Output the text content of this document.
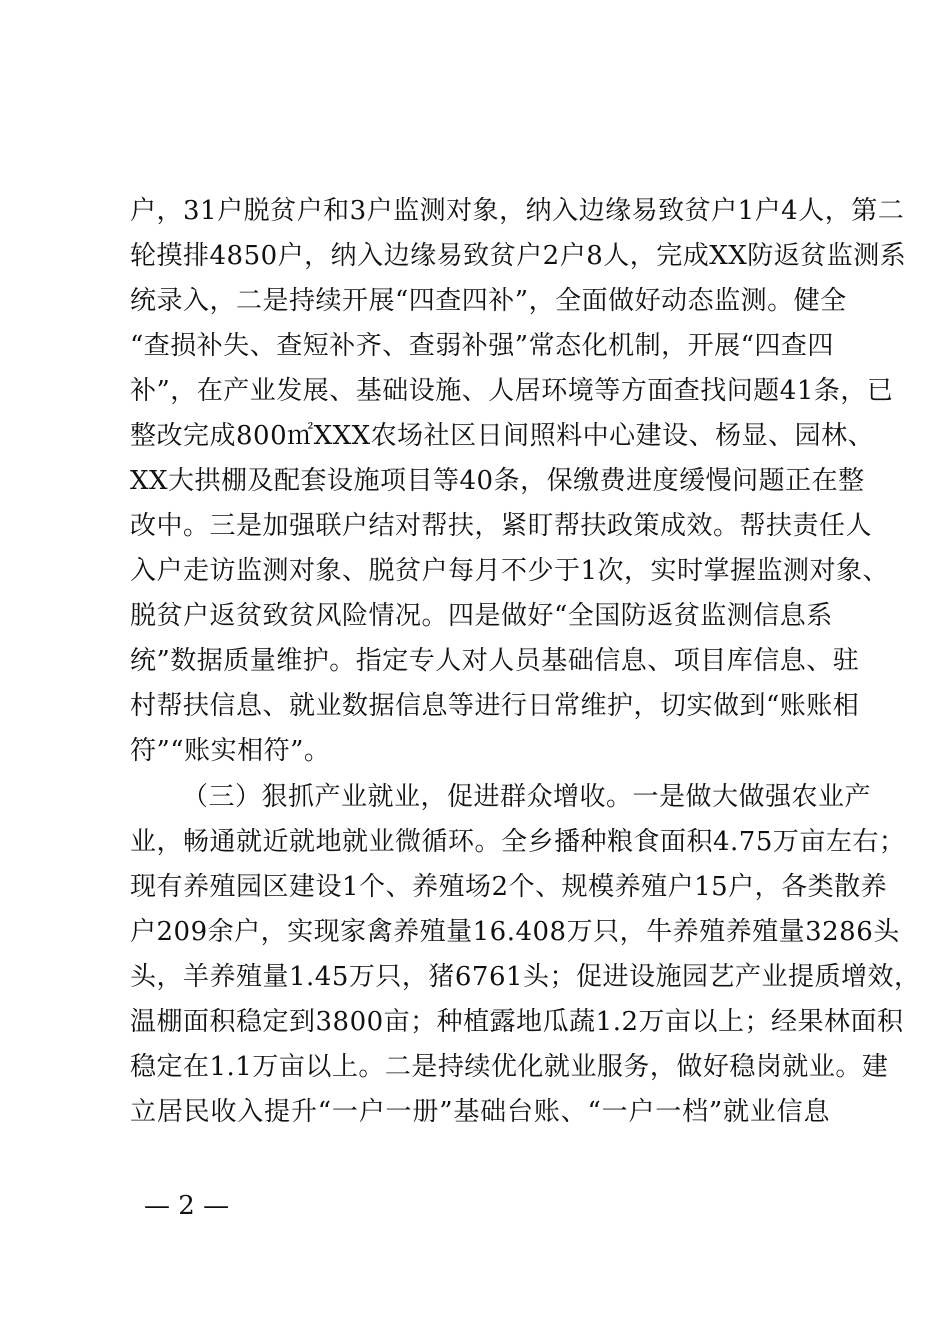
户，31户脱贫户和3户监测对象，纳入边缘易致贫户1户4人，第二
轮摸排4850户，纳入边缘易致贫户2户8人，完成XX防返贫监测系
统录入，二是持续开展“四查四补”，全面做好动态监测。健全
“查损补失、查短补齐、查弱补强”常态化机制，开展“四查四
补”，在产业发展、基础设施、人居环境等方面查找问题41条，已
整改完成800㎡XXX农场社区日间照料中心建设、杨显、园林、
XX大拱棚及配套设施项目等40条，保缴费进度缓慢问题正在整
改中。三是加强联户结对帮扶，紧盯帮扶政策成效。帮扶责任人
入户走访监测对象、脱贫户每月不少于1次，实时掌握监测对象、
脱贫户返贫致贫风险情况。四是做好“全国防返贫监测信息系
统”数据质量维护。指定专人对人员基础信息、项目库信息、驻
村帮扶信息、就业数据信息等进行日常维护，切实做到“账账相
符”“账实相符”。
（三）狠抓产业就业，促进群众增收。一是做大做强农业产
业，畅通就近就地就业微循环。全乡播种粮食面积4.75万亩左右；
现有养殖园区建设1个、养殖场2个、规模养殖户15户，各类散养
户209余户，实现家禽养殖量16.408万只，牛养殖养殖量3286头
头，羊养殖量1.45万只，猪6761头；促进设施园艺产业提质增效，
温棚面积稳定到3800亩；种植露地瓜蔬1.2万亩以上；经果林面积
稳定在1.1万亩以上。二是持续优化就业服务，做好稳岗就业。建
立居民收入提升“一户一册”基础台账、“一户一档”就业信息
— 2 —
